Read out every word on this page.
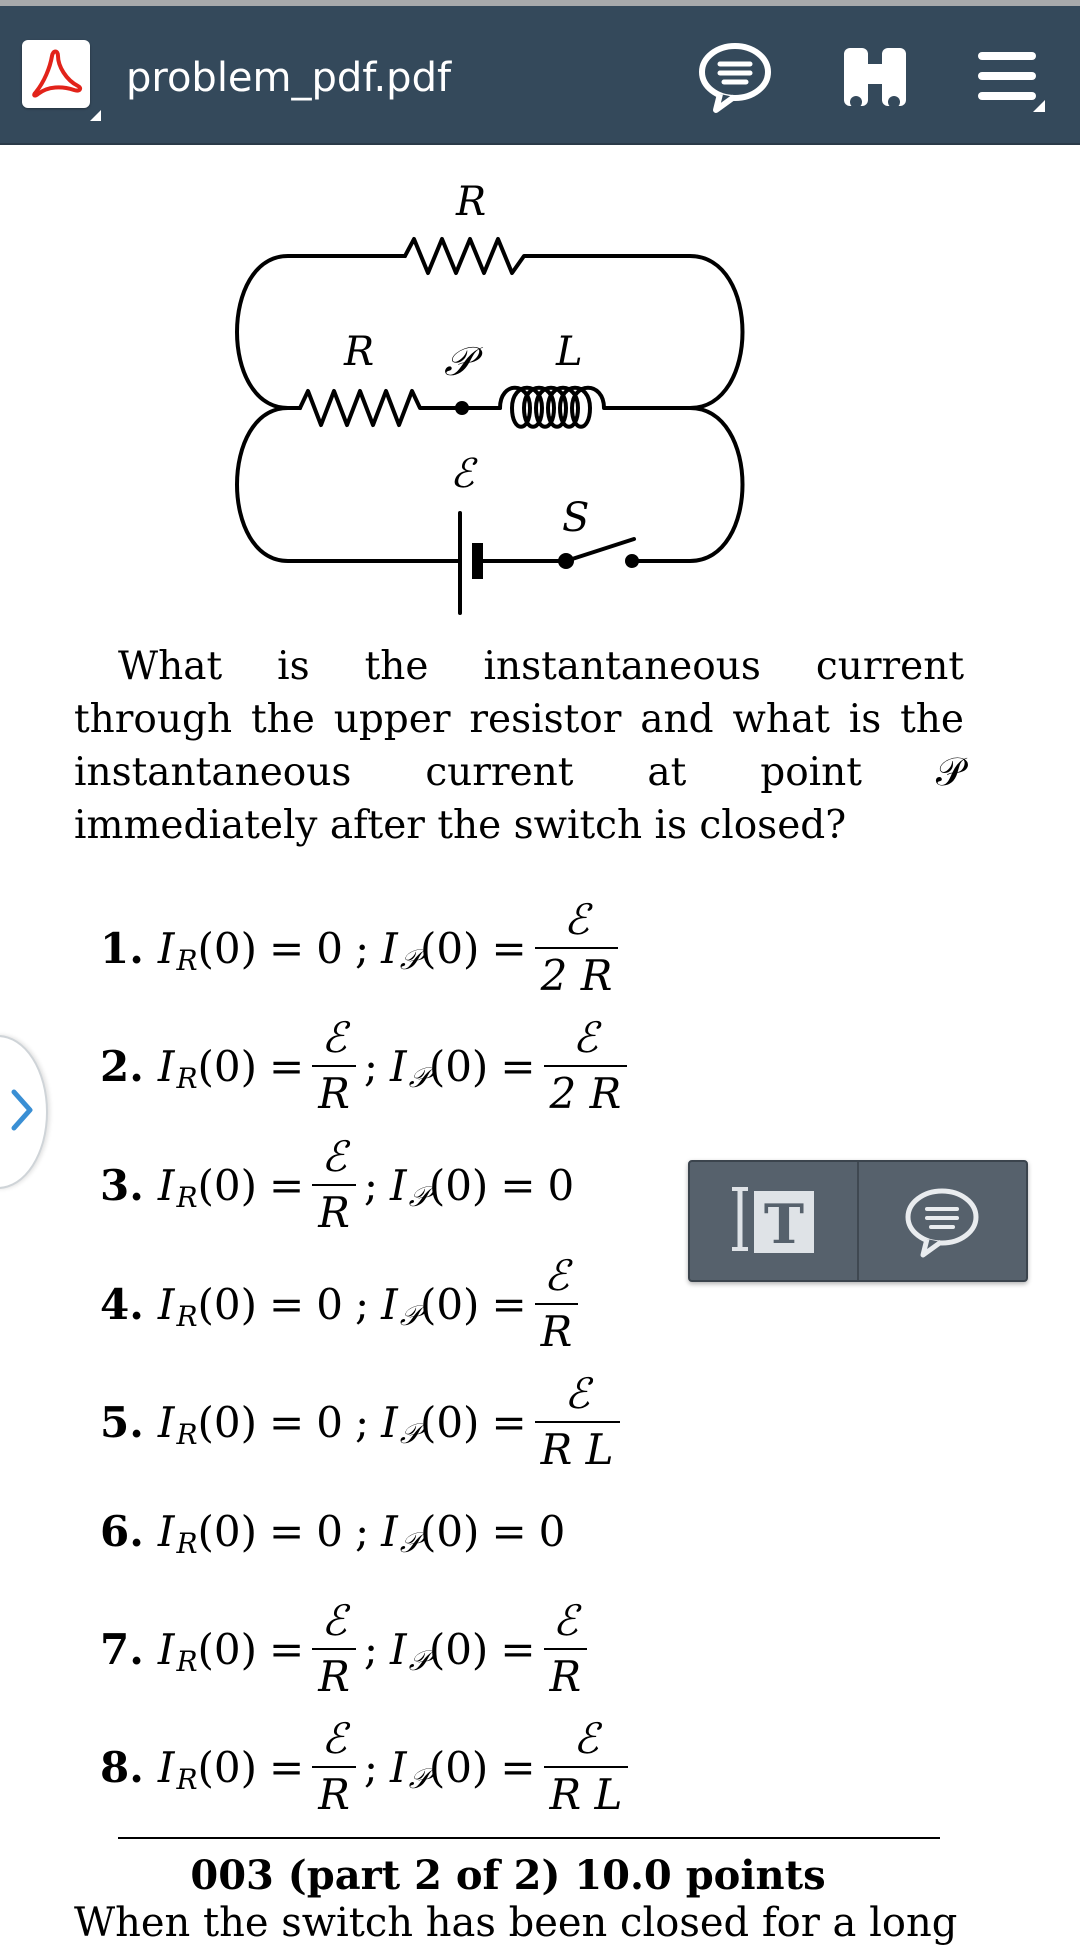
problem_pdf.pdf
R
R 𝒫 L
ℰ
S
What is the instantaneous current through the upper resistor and what is the instantaneous current at point 𝒫 immediately after the switch is closed?
1. I R (0) = 0 ; I 𝒫 $(0) = \frac{\text{ℰ}}{2 R}$
2. I R $(0) = \frac{\text{ℰ}}{R}$ ; I 𝒫 $(0) = \frac{\text{ℰ}}{2 R}$
3. I R $(0) = \frac{\text{ℰ}}{R}$ ; I 𝒫 (0) = 0
4. I R (0) = 0 ; I 𝒫 $(0) = \frac{\text{ℰ}}{R}$
5. I R (0) = 0 ; I 𝒫 $(0) = \frac{\text{ℰ}}{\text{R L}}$
6. I R (0) = 0 ; I 𝒫 (0) = 0
7. I R $(0) = \frac{\text{ℰ}}{R}$ ; I 𝒫 $(0) = \frac{\text{ℰ}}{R}$
8. I R $(0) = \frac{\text{ℰ}}{R}$ ; I 𝒫 $(0) = \frac{\text{ℰ}}{\text{R L}}$
003 (part 2 of 2) 10.0 points
When the switch has been closed for a long
T
